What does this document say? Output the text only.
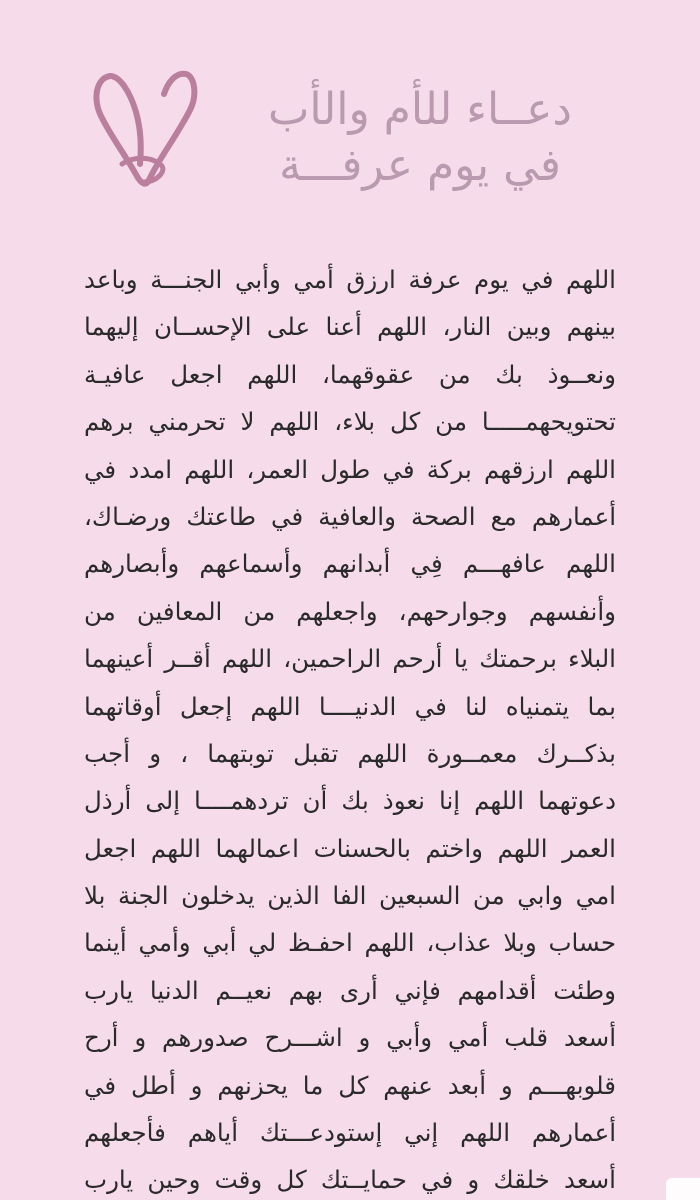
دعــاء للأم والأب
في يوم عرفـــة
اللهم في يوم عرفة ارزق أمي وأبي الجنـــة وباعد
بينهم وبين النار، اللهم أعنا على الإحســان إليهما
ونعــوذ بك من عقوقهما، اللهم اجعل عافيـة
تحتويحهمـــــا من كل بلاء، اللهم لا تحرمني برهم
اللهم ارزقهم بركة في طول العمر، اللهم امدد في
أعمارهم مع الصحة والعافية في طاعتك ورضـاك،
اللهم عافهـــم فِي أبدانهم وأسماعهم وأبصارهم
وأنفسهم وجوارحهم، واجعلهم من المعافين من
البلاء برحمتك يا أرحم الراحمين، اللهم أقــر أعينهما
بما يتمنياه لنا في الدنيــــا اللهم إجعل أوقاتهما
بذكــرك معمــورة اللهم تقبل توبتهما ، و أجب
دعوتهما اللهم إنا نعوذ بك أن تردهمــــا إلى أرذل
العمر اللهم واختم بالحسنات اعمالهما اللهم اجعل
امي وابي من السبعين الفا الذين يدخلون الجنة بلا
حساب وبلا عذاب، اللهم احفـظ لي أبي وأمي أينما
وطئت أقدامهم فإني أرى بهم نعيــم الدنيا يارب
أسعد قلب أمي وأبي و اشـــرح صدورهم و أرح
قلوبهـــم و أبعد عنهم كل ما يحزنهم و أطل في
أعمارهم اللهم إني إستودعـــتك أياهم فأجعلهم
أسعد خلقك و في حمايــتك كل وقت وحين يارب
